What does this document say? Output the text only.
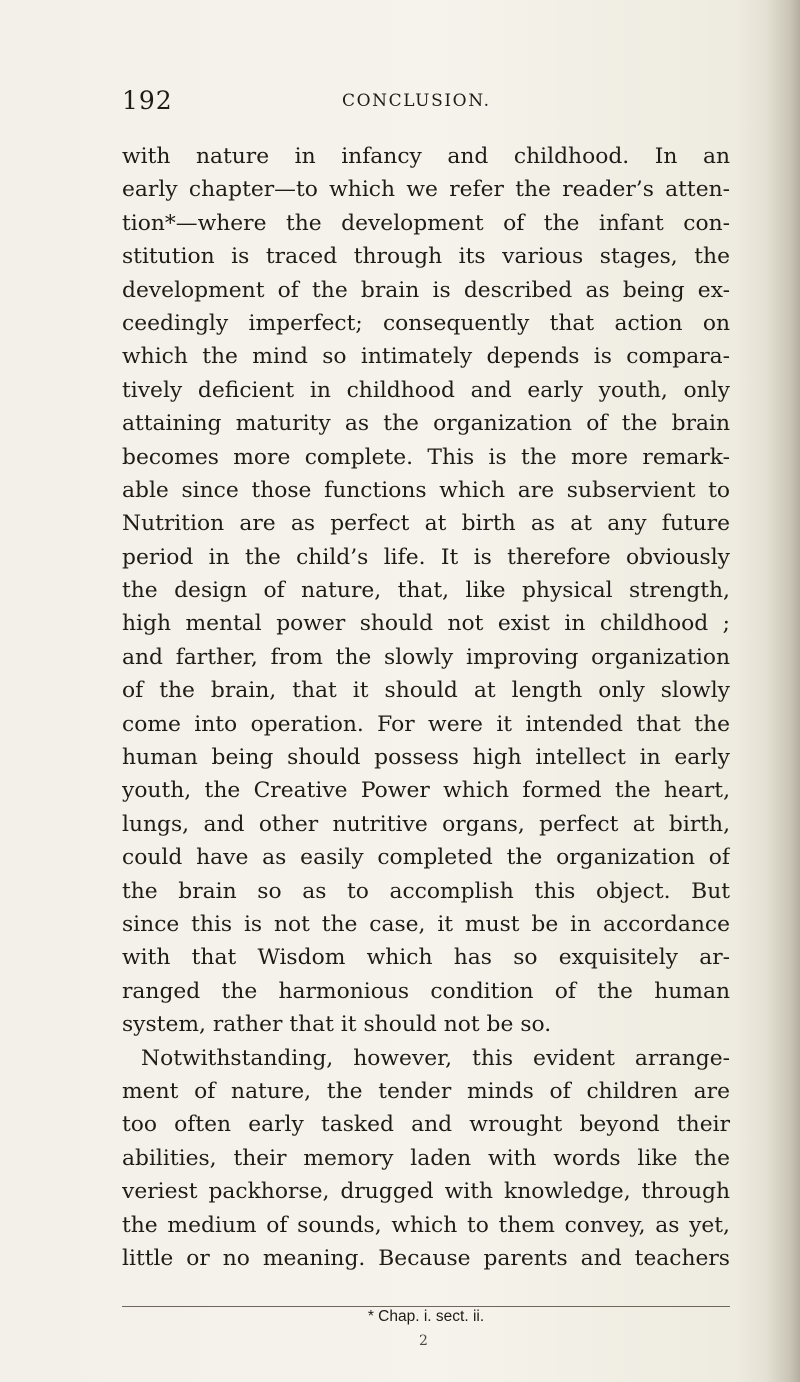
192	CONCLUSION.
with nature in infancy and childhood. In an
early chapter—to which we refer the reader’s atten-
tion*—where the development of the infant con-
stitution is traced through its various stages, the
development of the brain is described as being ex-
ceedingly imperfect; consequently that action on
which the mind so intimately depends is compara-
tively deficient in childhood and early youth, only
attaining maturity as the organization of the brain
becomes more complete. This is the more remark-
able since those functions which are subservient to
Nutrition are as perfect at birth as at any future
period in the child’s life. It is therefore obviously
the design of nature, that, like physical strength,
high mental power should not exist in childhood ;
and farther, from the slowly improving organization
of the brain, that it should at length only slowly
come into operation. For were it intended that the
human being should possess high intellect in early
youth, the Creative Power which formed the heart,
lungs, and other nutritive organs, perfect at birth,
could have as easily completed the organization of
the brain so as to accomplish this object. But
since this is not the case, it must be in accordance
with that Wisdom which has so exquisitely ar-
ranged the harmonious condition of the human
system, rather that it should not be so.
Notwithstanding, however, this evident arrange-
ment of nature, the tender minds of children are
too often early tasked and wrought beyond their
abilities, their memory laden with words like the
veriest packhorse, drugged with knowledge, through
the medium of sounds, which to them convey, as yet,
little or no meaning. Because parents and teachers
* Chap. i. sect. ii.
2
